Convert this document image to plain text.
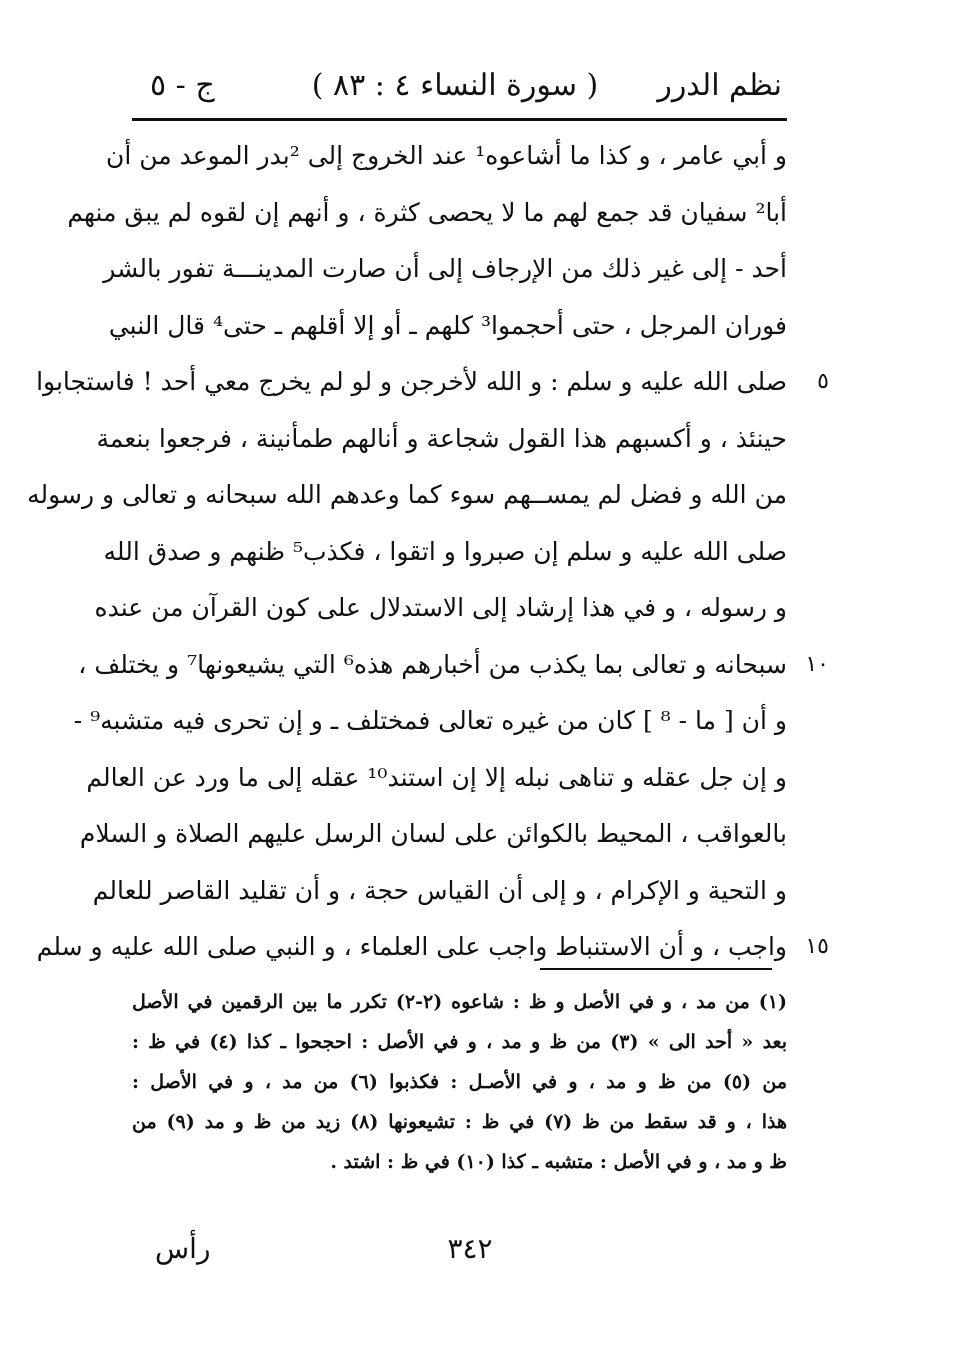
نظم الدرر
( سورة النساء ٤ : ٨٣ )
ج - ٥
و أبي عامر ، و كذا ما أشاعوه¹ عند الخروج إلى ²بدر الموعد من أن
أبا² سفيان قد جمع لهم ما لا يحصى كثرة ، و أنهم إن لقوه لم يبق منهم
أحد - إلى غير ذلك من الإرجاف إلى أن صارت المدينـــة تفور بالشر
فوران المرجل ، حتى أحجموا³ كلهم ـ أو إلا أقلهم ـ حتى⁴ قال النبي
صلى الله عليه و سلم : و الله لأخرجن و لو لم يخرج معي أحد ! فاستجابوا	٥
حينئذ ، و أكسبهم هذا القول شجاعة و أنالهم طمأنينة ، فرجعوا بنعمة
من الله و فضل لم يمســهم سوء كما وعدهم الله سبحانه و تعالى و رسوله
صلى الله عليه و سلم إن صبروا و اتقوا ، فكذب⁵ ظنهم و صدق الله
و رسوله ، و في هذا إرشاد إلى الاستدلال على كون القرآن من عنده
سبحانه و تعالى بما يكذب من أخبارهم هذه⁶ التي يشيعونها⁷ و يختلف ، ١٠
و أن [ ما - ⁸ ] كان من غيره تعالى فمختلف ـ و إن تحرى فيه متشبه⁹ -
و إن جل عقله و تناهى نبله إلا إن استند¹⁰ عقله إلى ما ورد عن العالم
بالعواقب ، المحيط بالكوائن على لسان الرسل عليهم الصلاة و السلام
و التحية و الإكرام ، و إلى أن القياس حجة ، و أن تقليد القاصر للعالم
واجب ، و أن الاستنباط واجب على العلماء ، و النبي صلى الله عليه و سلم ١٥
(١) من مد ، و في الأصل و ظ : شاعوه (٢-٢) تكرر ما بين الرقمين في الأصل
بعد « أحد الى » (٣) من ظ و مد ، و في الأصل : احجحوا ـ كذا (٤) في ظ :
من (٥) من ظ و مد ، و في الأصـل : فكذبوا (٦) من مد ، و في الأصل :
هذا ، و قد سقط من ظ (٧) في ظ : تشيعونها (٨) زيد من ظ و مد (٩) من
ظ و مد ، و في الأصل : متشبه ـ كذا (١٠) في ظ : اشتد .
٣٤٢
رأس
